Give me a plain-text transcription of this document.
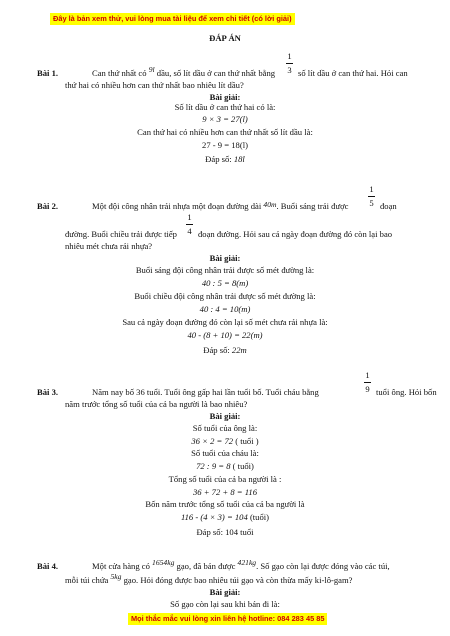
Đây là bản xem thử, vui lòng mua tài liệu để xem chi tiết (có lời giải)
ĐÁP ÁN
Bài 1.	Can thứ nhất có 9l dầu, số lít dầu ở can thứ nhất bằng
1
3 số lít dầu ở can thứ hai. Hỏi can
thứ hai có nhiều hơn can thứ nhất bao nhiêu lít dầu?
Bài giải:
Số lít dầu ở can thứ hai có là:
9 × 3 = 27(l)
Can thứ hai có nhiều hơn can thứ nhất số lít dầu là:
27 - 9 = 18(l)
Đáp số: 18l
Bài 2.	Một đội công nhân trải nhựa một đoạn đường dài 40m. Buổi sáng trải được
1
5 đoạn
đường. Buổi chiều trải được tiếp
1
4 đoạn đường. Hỏi sau cả ngày đoạn đường đó còn lại bao
nhiêu mét chưa rải nhựa?
Bài giải:
Buổi sáng đội công nhân trải được số mét đường là:
40 : 5 = 8(m)
Buổi chiều đội công nhân trải được số mét đường là:
40 : 4 = 10(m)
Sau cả ngày đoạn đường đó còn lại số mét chưa rải nhựa là:
40 - (8 + 10) = 22(m)
Đáp số: 22m
Bài 3.	Năm nay bố 36 tuổi. Tuổi ông gấp hai lần tuổi bố. Tuổi cháu bằng
1
9 tuổi ông. Hỏi bốn
năm trước tổng số tuổi của cả ba người là bao nhiêu?
Bài giải:
Số tuổi của ông là:
36 × 2 = 72 ( tuổi )
Số tuổi của cháu là:
72 : 9 = 8 ( tuổi)
Tổng số tuổi của cả ba người là :
36 + 72 + 8 = 116
Bốn năm trước tổng số tuổi của cả ba người là
116 - (4 × 3) = 104 (tuổi)
Đáp số: 104 tuổi
Bài 4.	Một cửa hàng có 1654kg gạo, đã bán được 421kg. Số gạo còn lại được đóng vào các túi,
mỗi túi chứa 5kg gạo. Hỏi đóng được bao nhiêu túi gạo và còn thừa mấy ki-lô-gam?
Bài giải:
Số gạo còn lại sau khi bán đi là:
Mọi thắc mắc vui lòng xin liên hệ hotline: 084 283 45 85
